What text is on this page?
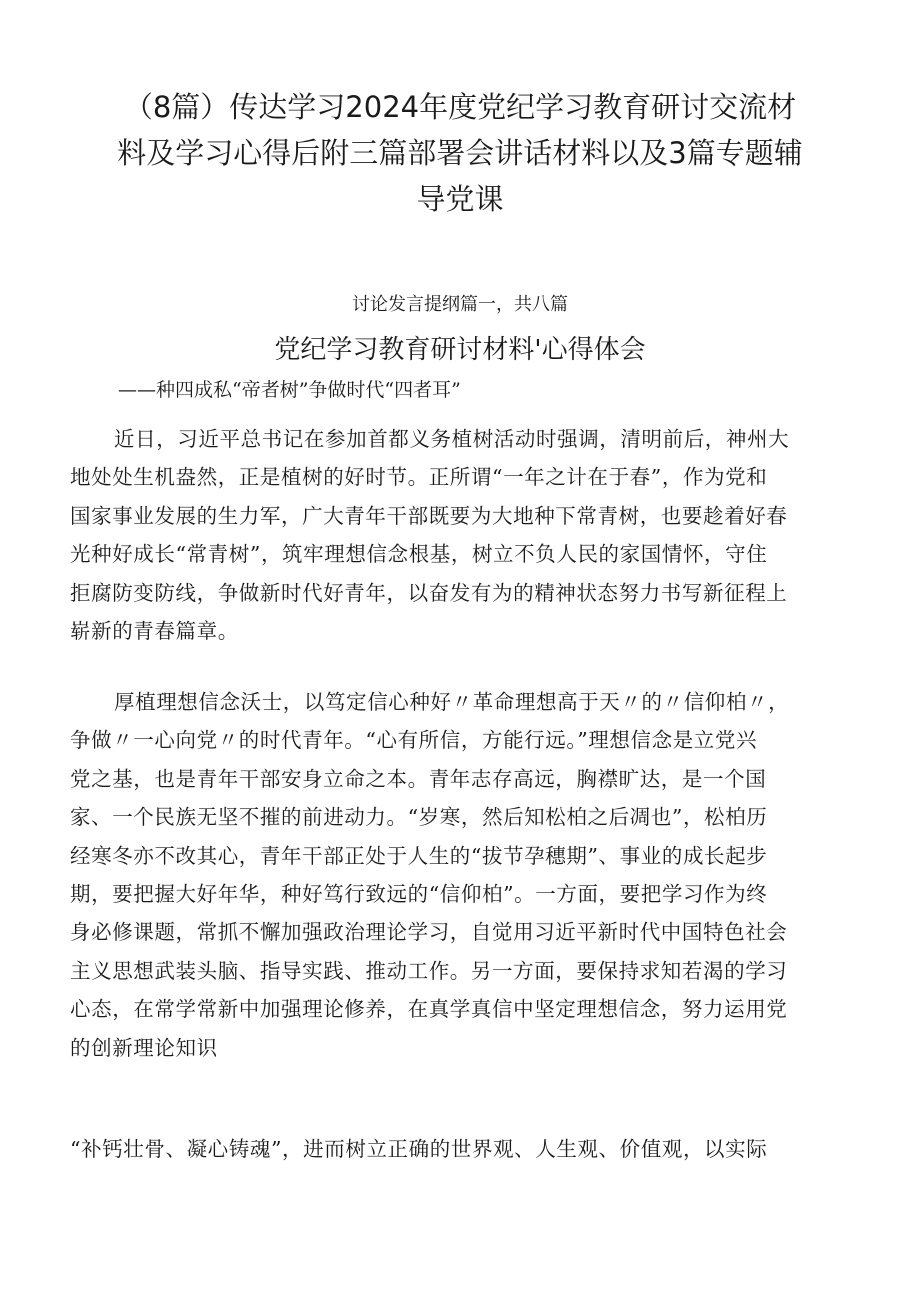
（8篇）传达学习2024年度党纪学习教育研讨交流材
料及学习心得后附三篇部署会讲话材料以及3篇专题辅
导党课
讨论发言提纲篇一，共八篇
党纪学习教育研讨材料'心得体会
——种四成私“帝者树”争做时代“四者耳”
近日，习近平总书记在参加首都义务植树活动时强调，清明前后，神州大
地处处生机盎然，正是植树的好时节。正所谓“一年之计在于春”，作为党和
国家事业发展的生力军，广大青年干部既要为大地种下常青树，也要趁着好春
光种好成长“常青树”，筑牢理想信念根基，树立不负人民的家国情怀，守住
拒腐防变防线，争做新时代好青年，以奋发有为的精神状态努力书写新征程上
崭新的青春篇章。
厚植理想信念沃士，以笃定信心种好〃革命理想高于天〃的〃信仰柏〃，
争做〃一心向党〃的时代青年。“心有所信，方能行远。”理想信念是立党兴
党之基，也是青年干部安身立命之本。青年志存高远，胸襟旷达，是一个国
家、一个民族无坚不摧的前进动力。“岁寒，然后知松柏之后凋也”，松柏历
经寒冬亦不改其心，青年干部正处于人生的“拔节孕穗期”、事业的成长起步
期，要把握大好年华，种好笃行致远的“信仰柏”。一方面，要把学习作为终
身必修课题，常抓不懈加强政治理论学习，自觉用习近平新时代中国特色社会
主义思想武装头脑、指导实践、推动工作。另一方面，要保持求知若渴的学习
心态，在常学常新中加强理论修养，在真学真信中坚定理想信念，努力运用党
的创新理论知识
“补钙壮骨、凝心铸魂”，进而树立正确的世界观、人生观、价值观，以实际
